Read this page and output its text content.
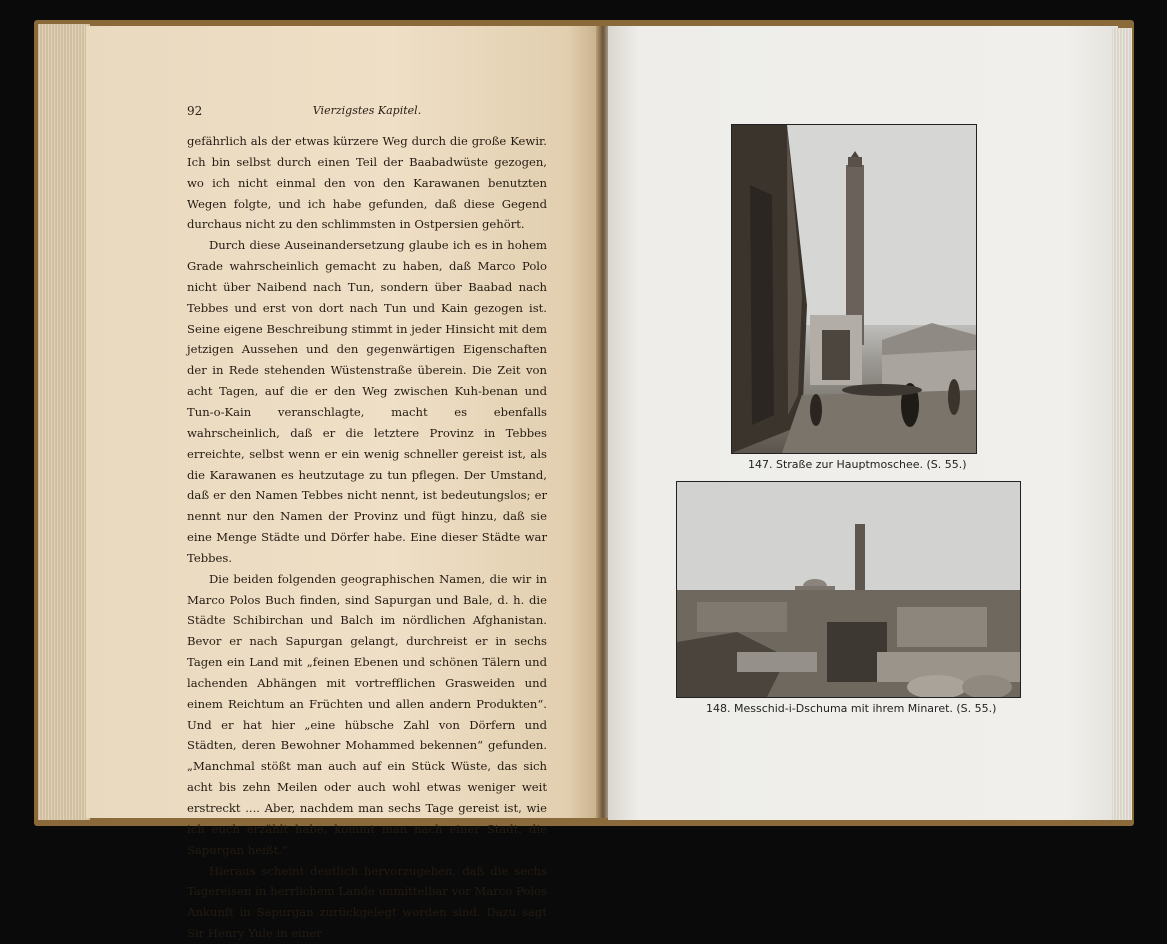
92	Vierzigstes Kapitel.

gefährlich als der etwas kürzere Weg durch die große Kewir. Ich bin selbst durch einen Teil der Baabadwüste gezogen, wo ich nicht einmal den von den Karawanen benutzten Wegen folgte, und ich habe gefunden, daß diese Gegend durchaus nicht zu den schlimmsten in Ostpersien gehört.

Durch diese Auseinandersetzung glaube ich es in hohem Grade wahrscheinlich gemacht zu haben, daß Marco Polo nicht über Naibend nach Tun, sondern über Baabad nach Tebbes und erst von dort nach Tun und Kain gezogen ist. Seine eigene Beschreibung stimmt in jeder Hinsicht mit dem jetzigen Aussehen und den gegenwärtigen Eigenschaften der in Rede stehenden Wüstenstraße überein. Die Zeit von acht Tagen, auf die er den Weg zwischen Kuh-benan und Tun-o-Kain veranschlagte, macht es ebenfalls wahrscheinlich, daß er die letztere Provinz in Tebbes erreichte, selbst wenn er ein wenig schneller gereist ist, als die Karawanen es heutzutage zu tun pflegen. Der Umstand, daß er den Namen Tebbes nicht nennt, ist bedeutungslos; er nennt nur den Namen der Provinz und fügt hinzu, daß sie eine Menge Städte und Dörfer habe. Eine dieser Städte war Tebbes.

Die beiden folgenden geographischen Namen, die wir in Marco Polos Buch finden, sind Sapurgan und Bale, d. h. die Städte Schibirchan und Balch im nördlichen Afghanistan. Bevor er nach Sapurgan gelangt, durchreist er in sechs Tagen ein Land mit „feinen Ebenen und schönen Tälern und lachenden Abhängen mit vortrefflichen Grasweiden und einem Reichtum an Früchten und allen andern Produkten“. Und er hat hier „eine hübsche Zahl von Dörfern und Städten, deren Bewohner Mohammed bekennen“ gefunden. „Manchmal stößt man auch auf ein Stück Wüste, das sich acht bis zehn Meilen oder auch wohl etwas weniger weit erstreckt .... Aber, nachdem man sechs Tage gereist ist, wie ich euch erzählt habe, kommt man nach einer Stadt, die Sapurgan heißt.“

Hieraus scheint deutlich hervorzugehen, daß die sechs Tagereisen in herrlichem Lande unmittelbar vor Marco Polos Ankunft in Sapurgan zurückgelegt worden sind. Dazu sagt Sir Henry Yule in einer

147. Straße zur Hauptmoschee. (S. 55.)
148. Messchid-i-Dschuma mit ihrem Minaret. (S. 55.)
